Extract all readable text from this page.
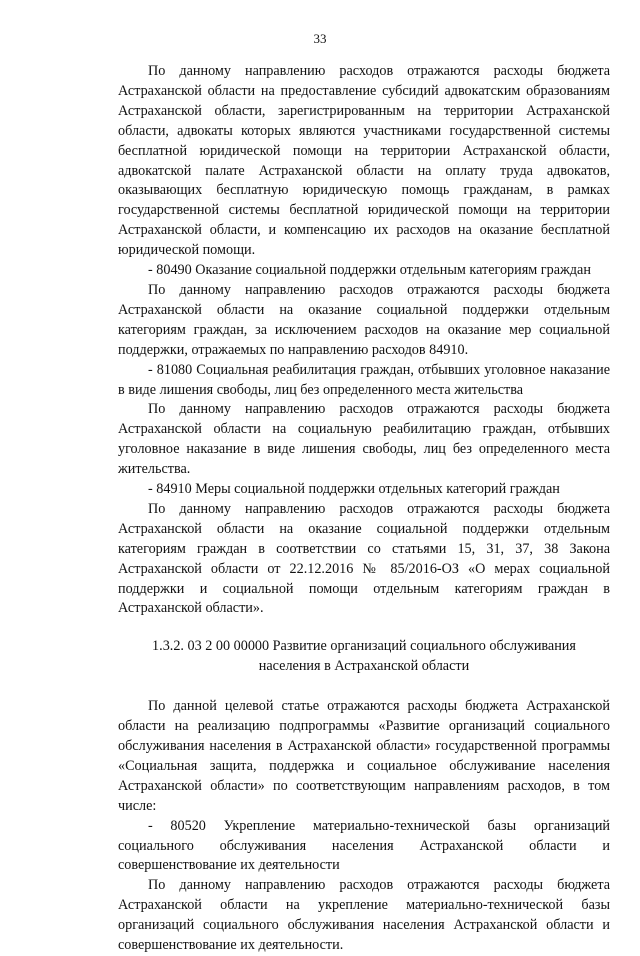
33

По данному направлению расходов отражаются расходы бюджета Астраханской области на предоставление субсидий адвокатским образованиям Астраханской области, зарегистрированным на территории Астраханской области, адвокаты которых являются участниками государственной системы бесплатной юридической помощи на территории Астраханской области, адвокатской палате Астраханской области на оплату труда адвокатов, оказывающих бесплатную юридическую помощь гражданам, в рамках государственной системы бесплатной юридической помощи на территории Астраханской области, и компенсацию их расходов на оказание бесплатной юридической помощи.

- 80490 Оказание социальной поддержки отдельным категориям граждан

По данному направлению расходов отражаются расходы бюджета Астраханской области на оказание социальной поддержки отдельным категориям граждан, за исключением расходов на оказание мер социальной поддержки, отражаемых по направлению расходов 84910.

- 81080 Социальная реабилитация граждан, отбывших уголовное наказание в виде лишения свободы, лиц без определенного места жительства

По данному направлению расходов отражаются расходы бюджета Астраханской области на социальную реабилитацию граждан, отбывших уголовное наказание в виде лишения свободы, лиц без определенного места жительства.

- 84910 Меры социальной поддержки отдельных категорий граждан

По данному направлению расходов отражаются расходы бюджета Астраханской области на оказание социальной поддержки отдельным категориям граждан в соответствии со статьями 15, 31, 37, 38 Закона Астраханской области от 22.12.2016 № 85/2016-ОЗ «О мерах социальной поддержки и социальной помощи отдельным категориям граждан в Астраханской области».

1.3.2. 03 2 00 00000 Развитие организаций социального обслуживания населения в Астраханской области

По данной целевой статье отражаются расходы бюджета Астраханской области на реализацию подпрограммы «Развитие организаций социального обслуживания населения в Астраханской области» государственной программы «Социальная защита, поддержка и социальное обслуживание населения Астраханской области» по соответствующим направлениям расходов, в том числе:

- 80520 Укрепление материально-технической базы организаций социального обслуживания населения Астраханской области и совершенствование их деятельности

По данному направлению расходов отражаются расходы бюджета Астраханской области на укрепление материально-технической базы организаций социального обслуживания населения Астраханской области и совершенствование их деятельности.
